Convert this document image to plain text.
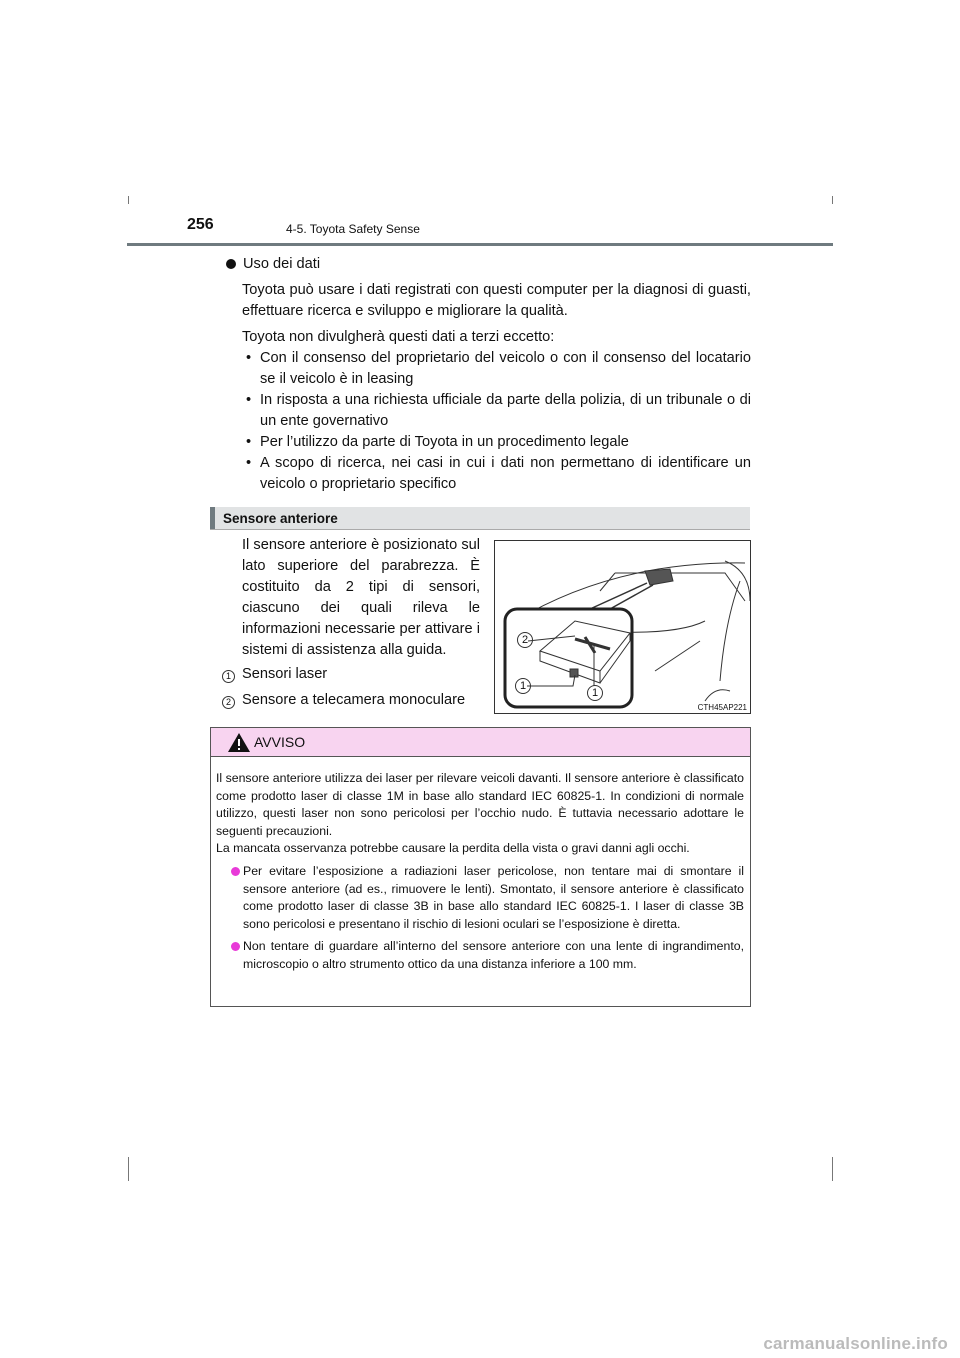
256	4-5. Toyota Safety Sense
Uso dei dati

Toyota può usare i dati registrati con questi computer per la diagnosi di guasti, effettuare ricerca e sviluppo e migliorare la qualità.

Toyota non divulgherà questi dati a terzi eccetto:

• Con il consenso del proprietario del veicolo o con il consenso del locatario se il veicolo è in leasing
• In risposta a una richiesta ufficiale da parte della polizia, di un tribunale o di un ente governativo
• Per l’utilizzo da parte di Toyota in un procedimento legale
• A scopo di ricerca, nei casi in cui i dati non permettano di identificare un veicolo o proprietario specifico
Sensore anteriore
Il sensore anteriore è posizionato sul lato superiore del parabrezza. È costituito da 2 tipi di sensori, ciascuno dei quali rileva le informazioni necessarie per attivare i sistemi di assistenza alla guida.
1 Sensori laser
2 Sensore a telecamera monoculare
2
1
1
CTH45AP221
AVVISO

Il sensore anteriore utilizza dei laser per rilevare veicoli davanti. Il sensore anteriore è classificato come prodotto laser di classe 1M in base allo standard IEC 60825-1. In condizioni di normale utilizzo, questi laser non sono pericolosi per l’occhio nudo. È tuttavia necessario adottare le seguenti precauzioni.

La mancata osservanza potrebbe causare la perdita della vista o gravi danni agli occhi.

Per evitare l’esposizione a radiazioni laser pericolose, non tentare mai di smontare il sensore anteriore (ad es., rimuovere le lenti). Smontato, il sensore anteriore è classificato come prodotto laser di classe 3B in base allo standard IEC 60825-1. I laser di classe 3B sono pericolosi e presentano il rischio di lesioni oculari se l’esposizione è diretta.
Non tentare di guardare all’interno del sensore anteriore con una lente di ingrandimento, microscopio o altro strumento ottico da una distanza inferiore a 100 mm.
carmanualsonline.info
